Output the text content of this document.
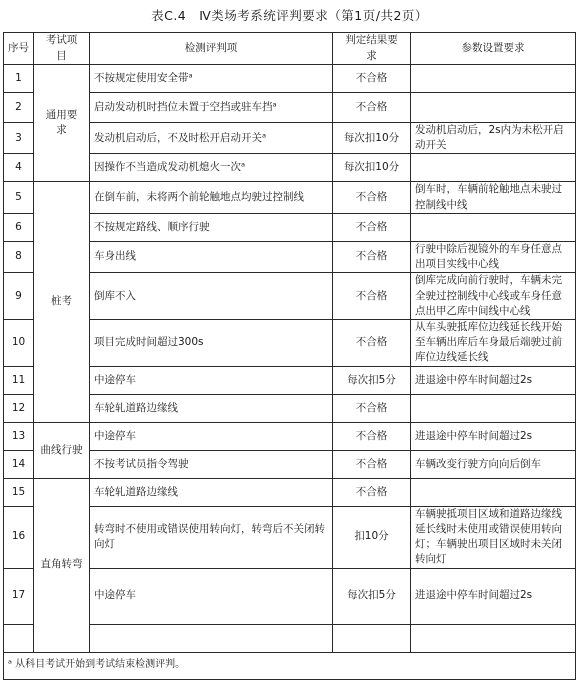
表C.4　Ⅳ类场考系统评判要求（第1页/共2页）
序号	考试项目	检测评判项	判定结果要求	参数设置要求
1	通用要求	不按规定使用安全带ᵃ	不合格	
2		启动发动机时挡位未置于空挡或驻车挡ᵃ	不合格	
3		发动机启动后，不及时松开启动开关ᵃ	每次扣10分	发动机启动后，2s内为未松开启动开关
4		因操作不当造成发动机熄火一次ᵃ	每次扣10分	
5	桩考	在倒车前，未将两个前轮触地点均驶过控制线	不合格	倒车时，车辆前轮触地点未驶过控制线中线
6		不按规定路线、顺序行驶	不合格	
8		车身出线	不合格	行驶中除后视镜外的车身任意点出项目实线中心线
9		倒库不入	不合格	倒库完成向前行驶时，车辆未完全驶过控制线中心线或车身任意点出甲乙库中间线中心线
10		项目完成时间超过300s	不合格	从车头驶抵库位边线延长线开始至车辆出库后车身最后端驶过前库位边线延长线
11		中途停车	每次扣5分	进退途中停车时间超过2s
12		车轮轧道路边缘线	不合格	
13	曲线行驶	中途停车	不合格	进退途中停车时间超过2s
14		不按考试员指令驾驶	不合格	车辆改变行驶方向向后倒车
15	直角转弯	车轮轧道路边缘线	不合格	
16		转弯时不使用或错误使用转向灯，转弯后不关闭转向灯	扣10分	车辆驶抵项目区域和道路边缘线延长线时未使用或错误使用转向灯；车辆驶出项目区域时未关闭转向灯
17		中途停车	每次扣5分	进退途中停车时间超过2s

ᵃ 从科目考试开始到考试结束检测评判。				
